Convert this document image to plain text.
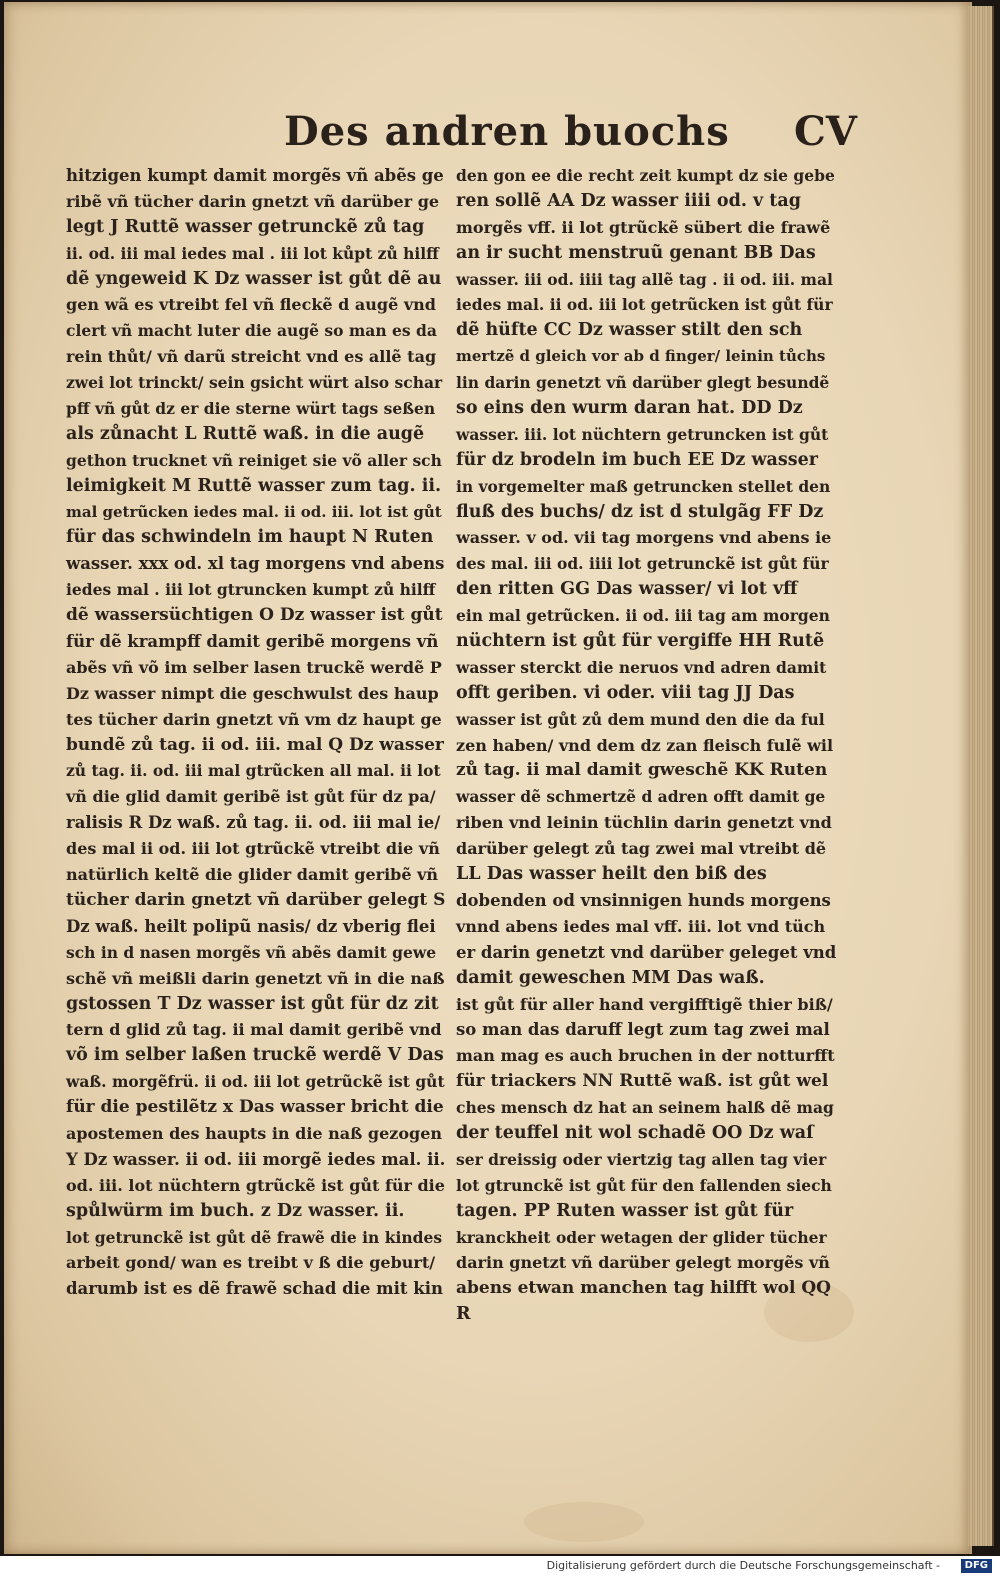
Des andren buochs CV
hitzigen kumpt damit morgẽs vñ abẽs ge
ribẽ vñ tücher darin gnetzt vñ darüber ge
legt J Ruttẽ wasser getrunckẽ zů tag
ii. od. iii mal iedes mal . iii lot kůpt zů hilff
dẽ yngeweid K Dz wasser ist gůt dẽ au
gen wã es vtreibt fel vñ fleckẽ d augẽ vnd
clert vñ macht luter die augẽ so man es da
rein thůt/ vñ darũ streicht vnd es allẽ tag
zwei lot trinckt/ sein gsicht würt also schar
pff vñ gůt dz er die sterne würt tags seßen
als zůnacht L Ruttẽ waß. in die augẽ
gethon trucknet vñ reiniget sie võ aller sch
leimigkeit M Ruttẽ wasser zum tag. ii.
mal getrũcken iedes mal. ii od. iii. lot ist gůt
für das schwindeln im haupt N Ruten
wasser. xxx od. xl tag morgens vnd abens
iedes mal . iii lot gtruncken kumpt zů hilff
dẽ wassersüchtigen O Dz wasser ist gůt
für dẽ krampff damit geribẽ morgens vñ
abẽs vñ võ im selber lasen truckẽ werdẽ P
Dz wasser nimpt die geschwulst des haup
tes tücher darin gnetzt vñ vm dz haupt ge
bundẽ zů tag. ii od. iii. mal Q Dz wasser
zů tag. ii. od. iii mal gtrũcken all mal. ii lot
vñ die glid damit geribẽ ist gůt für dz pa/
ralisis R Dz waß. zů tag. ii. od. iii mal ie/
des mal ii od. iii lot gtrũckẽ vtreibt die vñ
natürlich keltẽ die glider damit geribẽ vñ
tücher darin gnetzt vñ darüber gelegt S
Dz waß. heilt polipũ nasis/ dz vberig flei
sch in d nasen morgẽs vñ abẽs damit gewe
schẽ vñ meißli darin genetzt vñ in die naß
gstossen T Dz wasser ist gůt für dz zit
tern d glid zů tag. ii mal damit geribẽ vnd
võ im selber laßen truckẽ werdẽ V Das
waß. morgẽfrü. ii od. iii lot getrũckẽ ist gůt
für die pestilẽtz x Das wasser bricht die
apostemen des haupts in die naß gezogen
Y Dz wasser. ii od. iii morgẽ iedes mal. ii.
od. iii. lot nüchtern gtrũckẽ ist gůt für die
spůlwürm im buch. z Dz wasser. ii.
lot getrunckẽ ist gůt dẽ frawẽ die in kindes
arbeit gond/ wan es treibt v ß die geburt/
darumb ist es dẽ frawẽ schad die mit kin
den gon ee die recht zeit kumpt dz sie gebe
ren sollẽ AA Dz wasser iiii od. v tag
morgẽs vff. ii lot gtrũckẽ sübert die frawẽ
an ir sucht menstruũ genant BB Das
wasser. iii od. iiii tag allẽ tag . ii od. iii. mal
iedes mal. ii od. iii lot getrũcken ist gůt für
dẽ hüfte CC Dz wasser stilt den sch
mertzẽ d gleich vor ab d finger/ leinin tůchs
lin darin genetzt vñ darüber glegt besundẽ
so eins den wurm daran hat. DD Dz
wasser. iii. lot nüchtern getruncken ist gůt
für dz brodeln im buch EE Dz wasser
in vorgemelter maß getruncken stellet den
fluß des buchs/ dz ist d stulgãg FF Dz
wasser. v od. vii tag morgens vnd abens ie
des mal. iii od. iiii lot getrunckẽ ist gůt für
den ritten GG Das wasser/ vi lot vff
ein mal getrũcken. ii od. iii tag am morgen
nüchtern ist gůt für vergiffe HH Rutẽ
wasser sterckt die neruos vnd adren damit
offt geriben. vi oder. viii tag JJ Das
wasser ist gůt zů dem mund den die da ful
zen haben/ vnd dem dz zan fleisch fulẽ wil
zů tag. ii mal damit gweschẽ KK Ruten
wasser dẽ schmertzẽ d adren offt damit ge
riben vnd leinin tüchlin darin genetzt vnd
darüber gelegt zů tag zwei mal vtreibt dẽ
LL Das wasser heilt den biß des
dobenden od vnsinnigen hunds morgens
vnnd abens iedes mal vff. iii. lot vnd tüch
er darin genetzt vnd darüber geleget vnd
damit geweschen MM Das waß.
ist gůt für aller hand vergifftigẽ thier biß/
so man das daruff legt zum tag zwei mal
man mag es auch bruchen in der notturfft
für triackers NN Ruttẽ waß. ist gůt wel
ches mensch dz hat an seinem halß dẽ mag
der teuffel nit wol schadẽ OO Dz waſ
ser dreissig oder viertzig tag allen tag vier
lot gtrunckẽ ist gůt für den fallenden siech
tagen. PP Ruten wasser ist gůt für
kranckheit oder wetagen der glider tücher
darin gnetzt vñ darüber gelegt morgẽs vñ
abens etwan manchen tag hilfft wol QQ
R
Digitalisierung gefördert durch die Deutsche Forschungsgemeinschaft -	DFG
